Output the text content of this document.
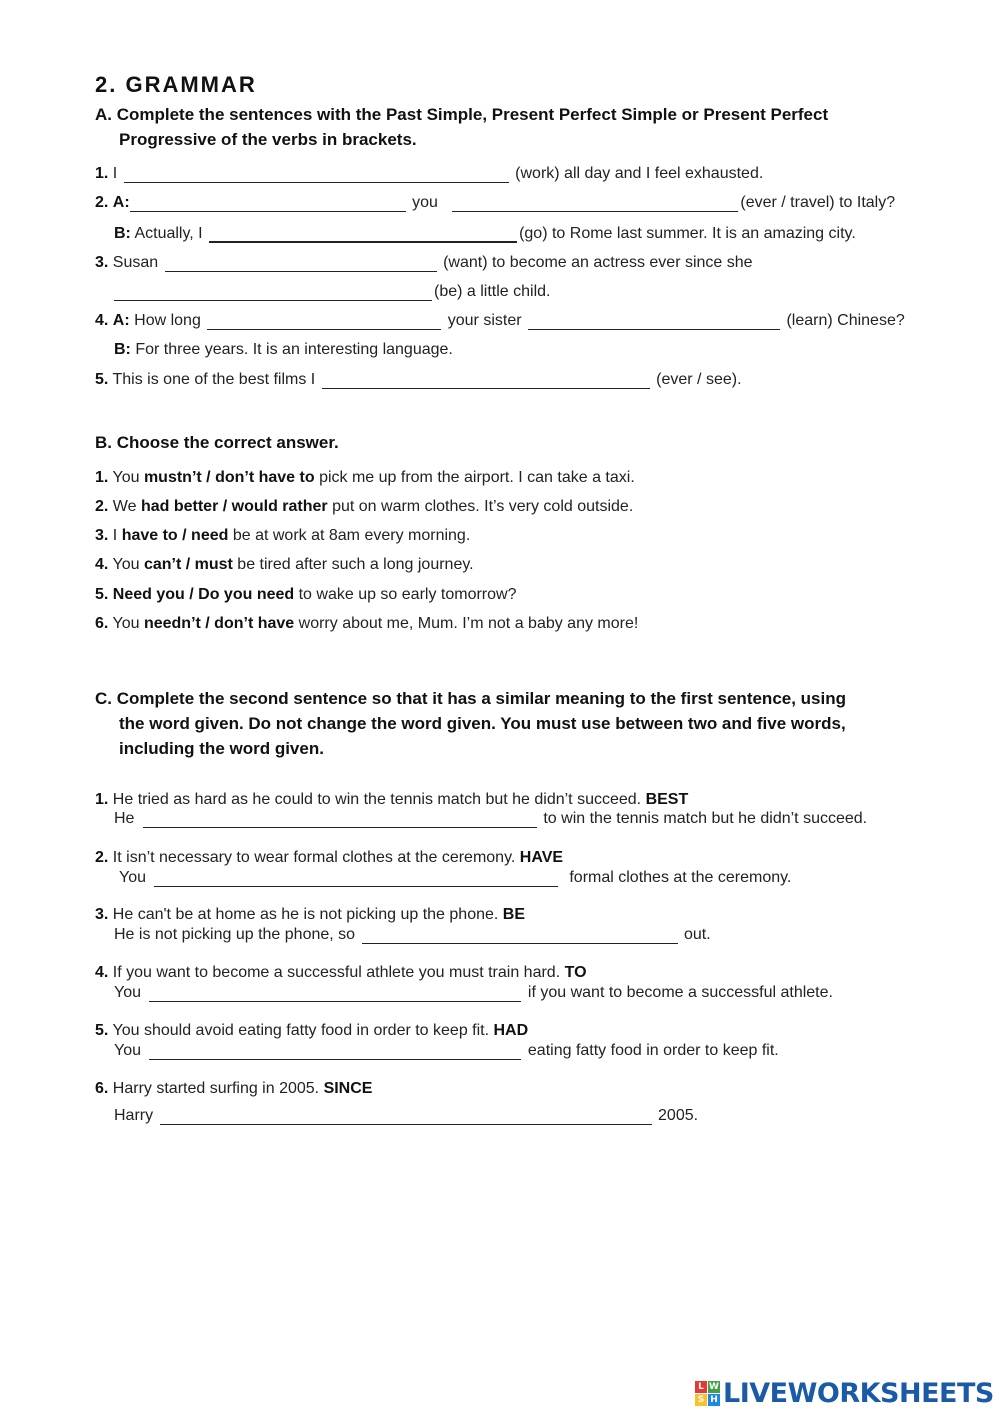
2. GRAMMAR
A. Complete the sentences with the Past Simple, Present Perfect Simple or Present Perfect
Progressive of the verbs in brackets.
1. I	(work) all day and I feel exhausted.
2. A:	you	(ever / travel) to Italy?
B: Actually, I	(go) to Rome last summer. It is an amazing city.
3. Susan	(want) to become an actress ever since she
(be) a little child.
4. A: How long	your sister	(learn) Chinese?
B: For three years. It is an interesting language.
5. This is one of the best films I	(ever / see).
B. Choose the correct answer.
1. You mustn’t / don’t have to pick me up from the airport. I can take a taxi.
2. We had better / would rather put on warm clothes. It’s very cold outside.
3. I have to / need be at work at 8am every morning.
4. You can’t / must be tired after such a long journey.
5. Need you / Do you need to wake up so early tomorrow?
6. You needn’t / don’t have worry about me, Mum. I’m not a baby any more!
C. Complete the second sentence so that it has a similar meaning to the first sentence, using
the word given. Do not change the word given. You must use between two and five words,
including the word given.
1. He tried as hard as he could to win the tennis match but he didn’t succeed. BEST
He	to win the tennis match but he didn’t succeed.
2. It isn’t necessary to wear formal clothes at the ceremony. HAVE
You	formal clothes at the ceremony.
3. He can't be at home as he is not picking up the phone. BE
He is not picking up the phone, so	out.
4. If you want to become a successful athlete you must train hard. TO
You	if you want to become a successful athlete.
5. You should avoid eating fatty food in order to keep fit. HAD
You	eating fatty food in order to keep fit.
6. Harry started surfing in 2005. SINCE
Harry	2005.
L W
S H LIVEWORKSHEETS
